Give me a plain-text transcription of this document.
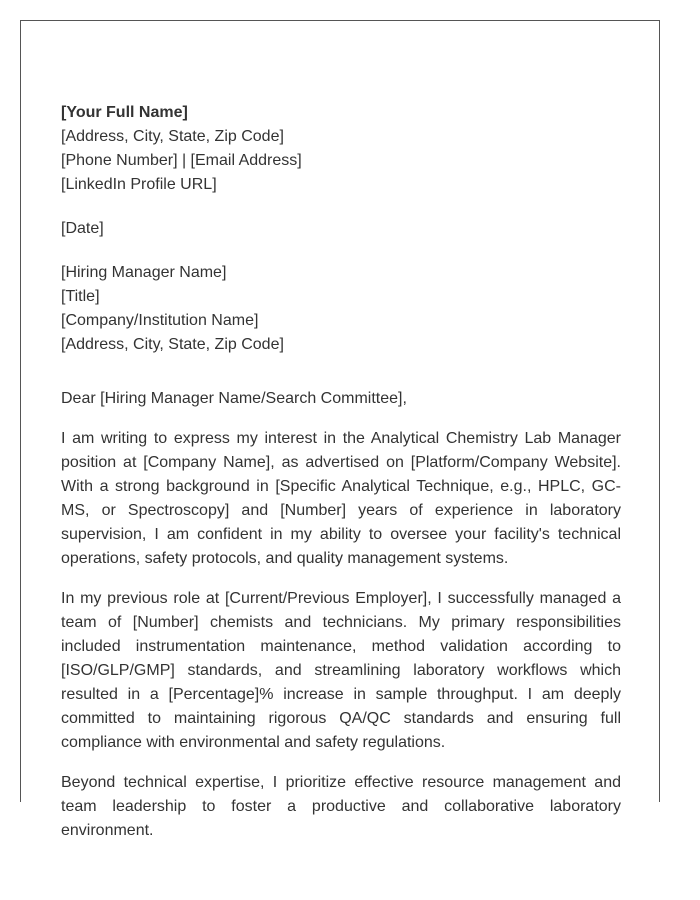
[Your Full Name]
[Address, City, State, Zip Code]
[Phone Number] | [Email Address]
[LinkedIn Profile URL]
[Date]
[Hiring Manager Name]
[Title]
[Company/Institution Name]
[Address, City, State, Zip Code]
Dear [Hiring Manager Name/Search Committee],

I am writing to express my interest in the Analytical Chemistry Lab Manager position at [Company Name], as advertised on [Platform/Company Website]. With a strong background in [Specific Analytical Technique, e.g., HPLC, GC-MS, or Spectroscopy] and [Number] years of experience in laboratory supervision, I am confident in my ability to oversee your facility's technical operations, safety protocols, and quality management systems.

In my previous role at [Current/Previous Employer], I successfully managed a team of [Number] chemists and technicians. My primary responsibilities included instrumentation maintenance, method validation according to [ISO/GLP/GMP] standards, and streamlining laboratory workflows which resulted in a [Percentage]% increase in sample throughput. I am deeply committed to maintaining rigorous QA/QC standards and ensuring full compliance with environmental and safety regulations.

Beyond technical expertise, I prioritize effective resource management and team leadership to foster a productive and collaborative laboratory environment.
